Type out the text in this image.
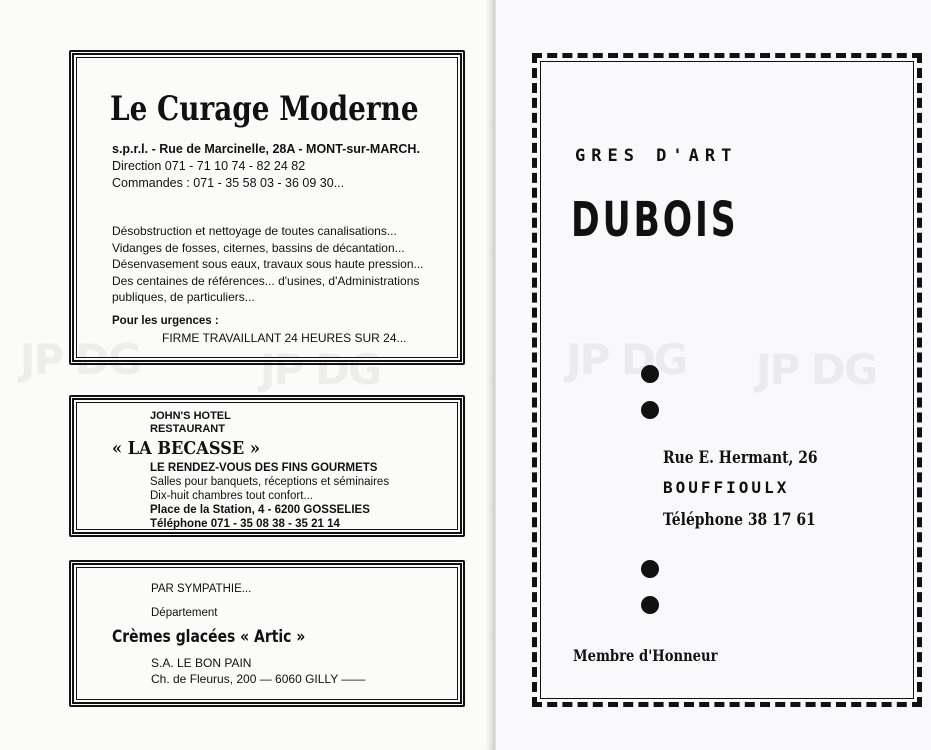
JP DG	JP DG
Le Curage Moderne
s.p.r.l. - Rue de Marcinelle, 28A - MONT-sur-MARCH.
Direction 071 - 71 10 74 - 82 24 82
Commandes : 071 - 35 58 03 - 36 09 30...
Désobstruction et nettoyage de toutes canalisations... Vidanges de fosses, citernes, bassins de décantation... Désenvasement sous eaux, travaux sous haute pression... Des centaines de références... d'usines, d'Administrations publiques, de particuliers...
Pour les urgences :
FIRME TRAVAILLANT 24 HEURES SUR 24...
JOHN'S HOTEL
RESTAURANT
« LA BECASSE »
LE RENDEZ-VOUS DES FINS GOURMETS
Salles pour banquets, réceptions et séminaires
Dix-huit chambres tout confort...
Place de la Station, 4 - 6200 GOSSELIES
Téléphone 071 - 35 08 38 - 35 21 14
PAR SYMPATHIE...
Département
Crèmes glacées « Artic »
S.A. LE BON PAIN
Ch. de Fleurus, 200 — 6060 GILLY ——
JP DG JP DG
GRES D'ART
DUBOIS
Rue E. Hermant, 26
BOUFFIOULX
Téléphone 38 17 61
Membre d'Honneur
